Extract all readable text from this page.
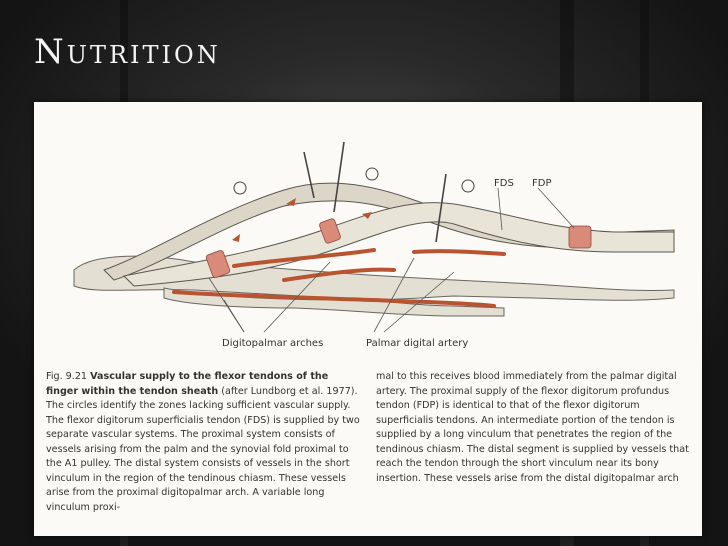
Nutrition
FDS FDP
Digitopalmar arches	Palmar digital artery
Fig. 9.21 Vascular supply to the flexor tendons of the finger within the tendon sheath (after Lundborg et al. 1977). The circles identify the zones lacking sufficient vascular supply. The flexor digitorum superficialis tendon (FDS) is supplied by two separate vascular systems. The proximal system consists of vessels arising from the palm and the synovial fold proximal to the A1 pulley. The distal system consists of vessels in the short vinculum in the region of the tendinous chiasm. These vessels arise from the proximal digitopalmar arch. A variable long vinculum proxi-
mal to this receives blood immediately from the palmar digital artery. The proximal supply of the flexor digitorum profundus tendon (FDP) is identical to that of the flexor digitorum superficialis tendons. An intermediate portion of the tendon is supplied by a long vinculum that penetrates the region of the tendinous chiasm. The distal segment is supplied by vessels that reach the tendon through the short vinculum near its bony insertion. These vessels arise from the distal digitopalmar arch
